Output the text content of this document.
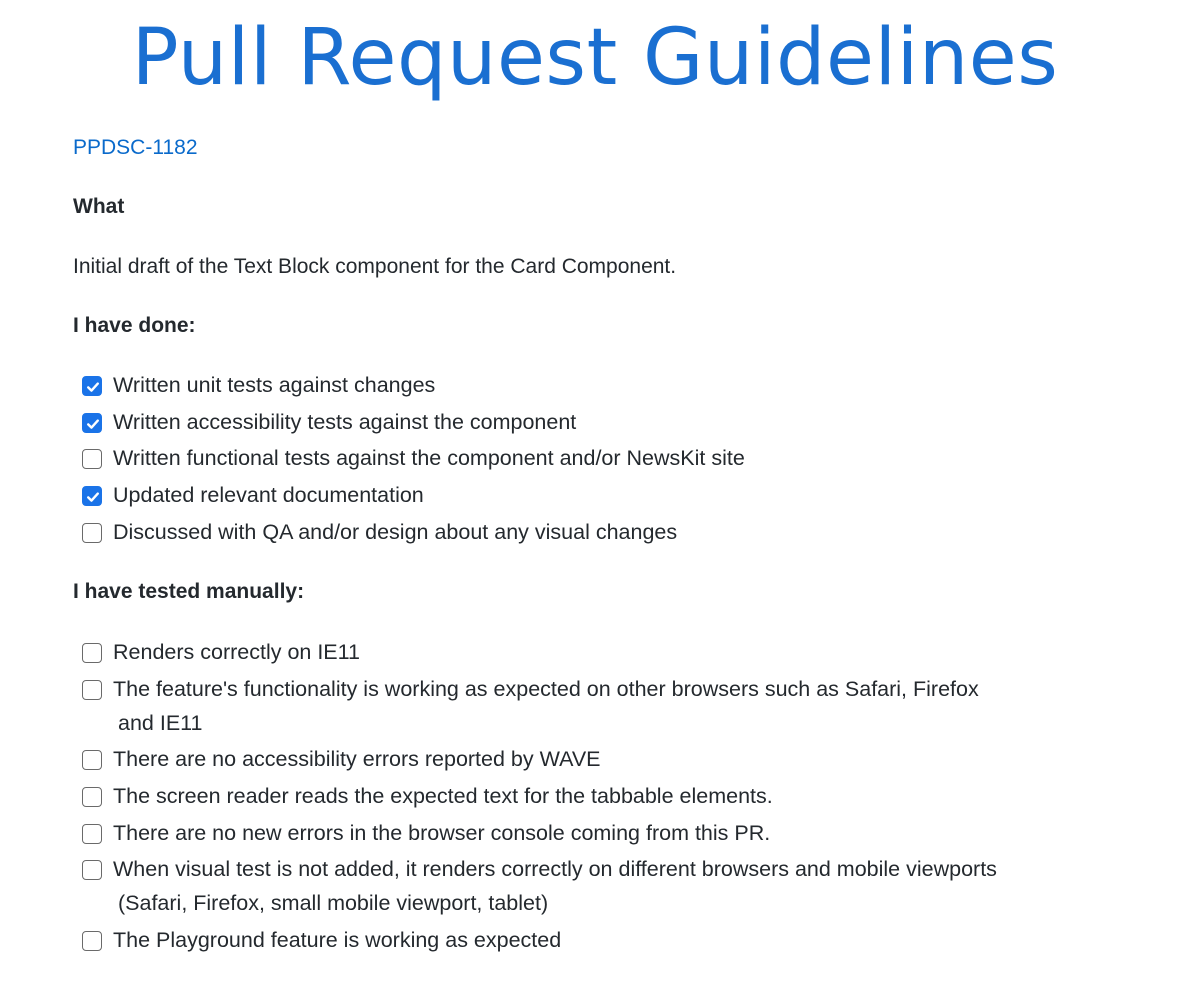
Pull Request Guidelines
PPDSC-1182
What

Initial draft of the Text Block component for the Card Component.

I have done:
Written unit tests against changes
Written accessibility tests against the component
Written functional tests against the component and/or NewsKit site
Updated relevant documentation
Discussed with QA and/or design about any visual changes
I have tested manually:
Renders correctly on IE11
The feature's functionality is working as expected on other browsers such as Safari, Firefox
and IE11
There are no accessibility errors reported by WAVE
The screen reader reads the expected text for the tabbable elements.
There are no new errors in the browser console coming from this PR.
When visual test is not added, it renders correctly on different browsers and mobile viewports
(Safari, Firefox, small mobile viewport, tablet)
The Playground feature is working as expected
